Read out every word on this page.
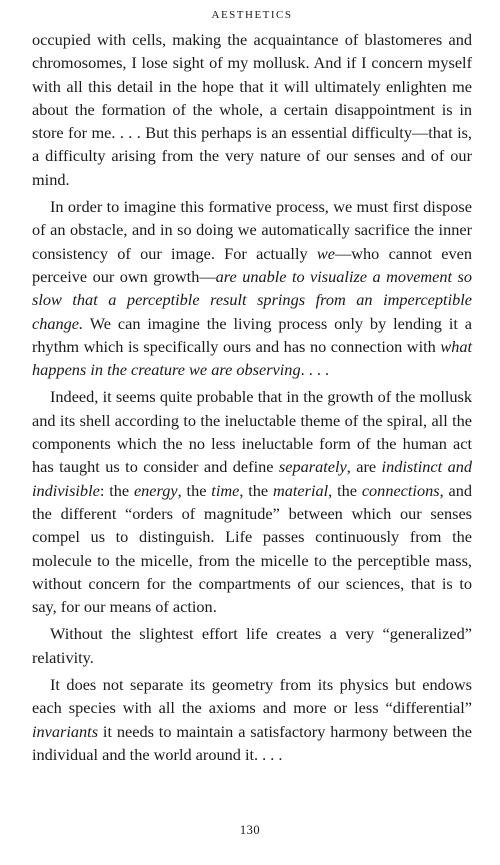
AESTHETICS

occupied with cells, making the acquaintance of blastomeres and chromosomes, I lose sight of my mollusk. And if I concern myself with all this detail in the hope that it will ultimately enlighten me about the formation of the whole, a certain disappointment is in store for me. . . . But this perhaps is an essential difficulty—that is, a difficulty arising from the very nature of our senses and of our mind.

In order to imagine this formative process, we must first dispose of an obstacle, and in so doing we automatically sacrifice the inner consistency of our image. For actually we—who cannot even perceive our own growth—are unable to visualize a movement so slow that a perceptible result springs from an imperceptible change. We can imagine the living process only by lending it a rhythm which is specifically ours and has no connection with what happens in the creature we are observing. . . .

Indeed, it seems quite probable that in the growth of the mollusk and its shell according to the ineluctable theme of the spiral, all the components which the no less ineluctable form of the human act has taught us to consider and define separately, are indistinct and indivisible: the energy, the time, the material, the connections, and the different “orders of magnitude” between which our senses compel us to distinguish. Life passes continuously from the molecule to the micelle, from the micelle to the perceptible mass, without concern for the compartments of our sciences, that is to say, for our means of action.

Without the slightest effort life creates a very “generalized” relativity.

It does not separate its geometry from its physics but endows each species with all the axioms and more or less “differential” invariants it needs to maintain a satisfactory harmony between the individual and the world around it. . . .

130
